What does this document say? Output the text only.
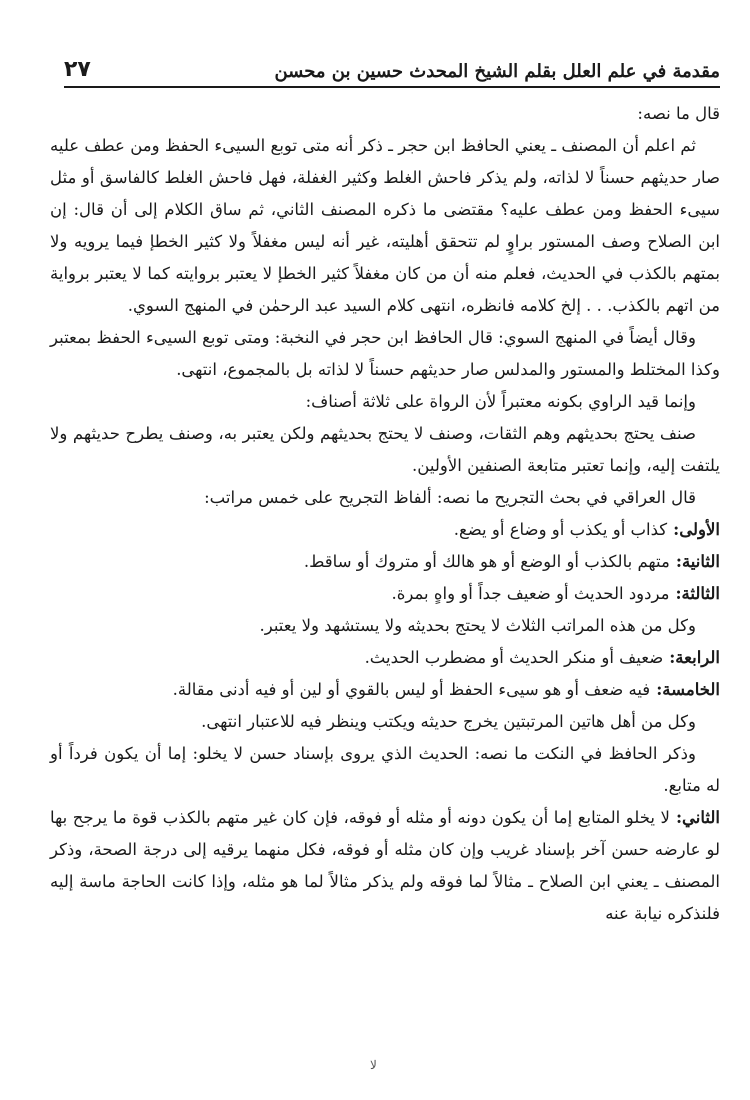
٢٧	مقدمة في علم العلل بقلم الشيخ المحدث حسين بن محسن

قال ما نصه:

ثم اعلم أن المصنف ـ يعني الحافظ ابن حجر ـ ذكر أنه متى توبع السيىء الحفظ ومن عطف عليه صار حديثهم حسناً لا لذاته، ولم يذكر فاحش الغلط وكثير الغفلة، فهل فاحش الغلط كالفاسق أو مثل سيىء الحفظ ومن عطف عليه؟ مقتضى ما ذكره المصنف الثاني، ثم ساق الكلام إلى أن قال: إن ابن الصلاح وصف المستور براوٍ لم تتحقق أهليته، غير أنه ليس مغفلاً ولا كثير الخطإ فيما يرويه ولا بمتهم بالكذب في الحديث، فعلم منه أن من كان مغفلاً كثير الخطإ لا يعتبر بروايته كما لا يعتبر برواية من اتهم بالكذب. . . إلخ كلامه فانظره، انتهى كلام السيد عبد الرحمٰن في المنهج السوي.

وقال أيضاً في المنهج السوي: قال الحافظ ابن حجر في النخبة: ومتى توبع السيىء الحفظ بمعتبر وكذا المختلط والمستور والمدلس صار حديثهم حسناً لا لذاته بل بالمجموع، انتهى.

وإنما قيد الراوي بكونه معتبراً لأن الرواة على ثلاثة أصناف:

صنف يحتج بحديثهم وهم الثقات، وصنف لا يحتج بحديثهم ولكن يعتبر به، وصنف يطرح حديثهم ولا يلتفت إليه، وإنما تعتبر متابعة الصنفين الأولين.

قال العراقي في بحث التجريح ما نصه: ألفاظ التجريح على خمس مراتب:

الأولى:كذاب أو يكذب أو وضاع أو يضع.

الثانية:متهم بالكذب أو الوضع أو هو هالك أو متروك أو ساقط.

الثالثة:مردود الحديث أو ضعيف جداً أو واهٍ بمرة.

وكل من هذه المراتب الثلاث لا يحتج بحديثه ولا يستشهد ولا يعتبر.

الرابعة:ضعيف أو منكر الحديث أو مضطرب الحديث.

الخامسة:فيه ضعف أو هو سيىء الحفظ أو ليس بالقوي أو لين أو فيه أدنى مقالة.

وكل من أهل هاتين المرتبتين يخرج حديثه ويكتب وينظر فيه للاعتبار انتهى.

وذكر الحافظ في النكت ما نصه: الحديث الذي يروى بإسناد حسن لا يخلو: إما أن يكون فرداً أو له متابع.

الثاني:لا يخلو المتابع إما أن يكون دونه أو مثله أو فوقه، فإن كان غير متهم بالكذب قوة ما يرجح بها لو عارضه حسن آخر بإسناد غريب وإن كان مثله أو فوقه، فكل منهما يرقيه إلى درجة الصحة، وذكر المصنف ـ يعني ابن الصلاح ـ مثالاً لما فوقه ولم يذكر مثالاً لما هو مثله، وإذا كانت الحاجة ماسة إليه فلنذكره نيابة عنه

ﻻ
